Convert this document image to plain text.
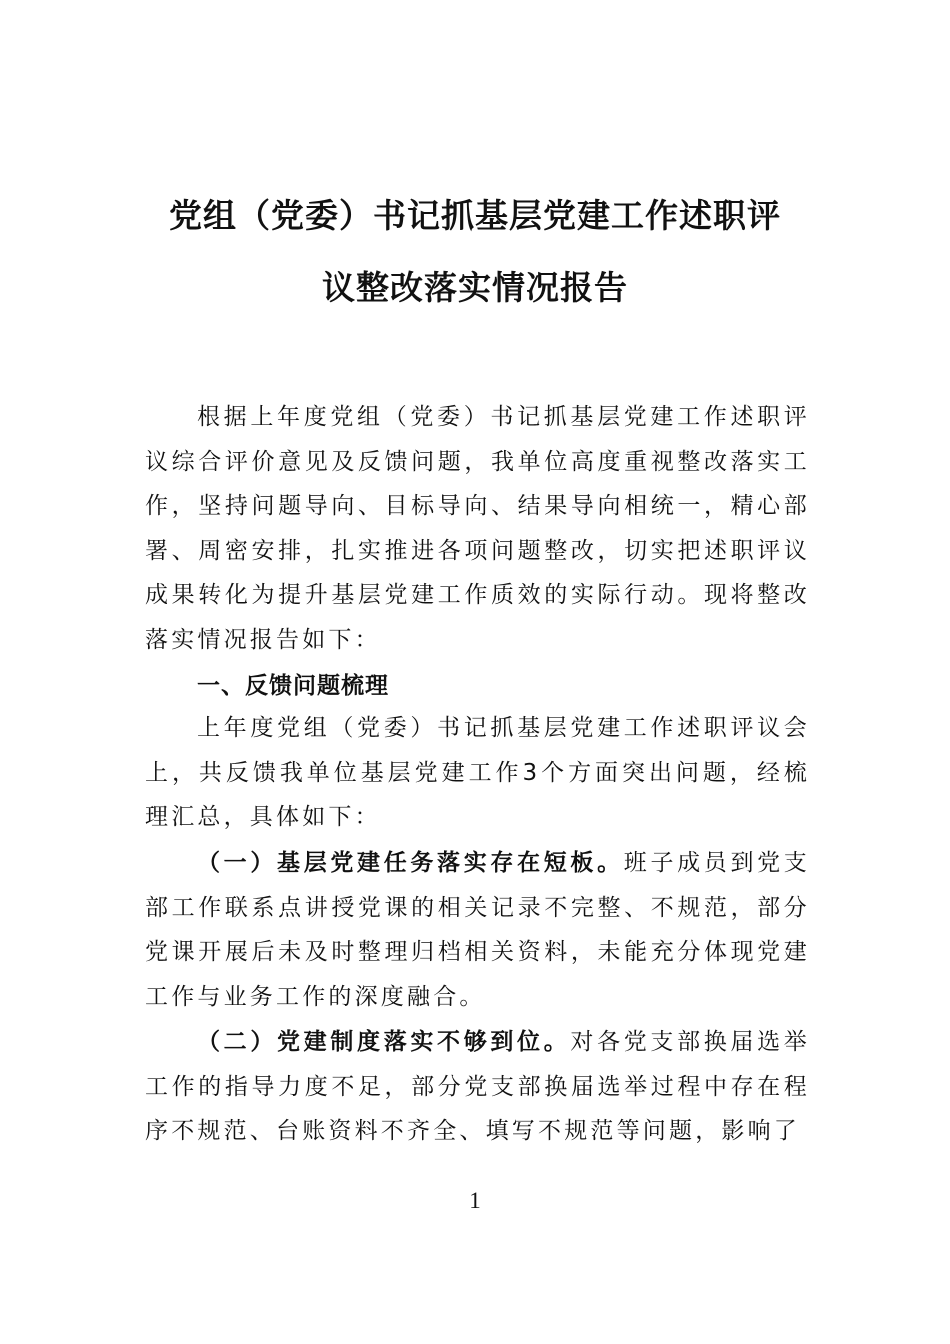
党组（党委）书记抓基层党建工作述职评
议整改落实情况报告

根据上年度党组（党委）书记抓基层党建工作述职评议综合评价意见及反馈问题，我单位高度重视整改落实工作，坚持问题导向、目标导向、结果导向相统一，精心部署、周密安排，扎实推进各项问题整改，切实把述职评议成果转化为提升基层党建工作质效的实际行动。现将整改落实情况报告如下：

一、反馈问题梳理

上年度党组（党委）书记抓基层党建工作述职评议会上，共反馈我单位基层党建工作3个方面突出问题，经梳理汇总，具体如下：

（一）基层党建任务落实存在短板。班子成员到党支部工作联系点讲授党课的相关记录不完整、不规范，部分党课开展后未及时整理归档相关资料，未能充分体现党建工作与业务工作的深度融合。

（二）党建制度落实不够到位。对各党支部换届选举工作的指导力度不足，部分党支部换届选举过程中存在程序不规范、台账资料不齐全、填写不规范等问题，影响了

1
